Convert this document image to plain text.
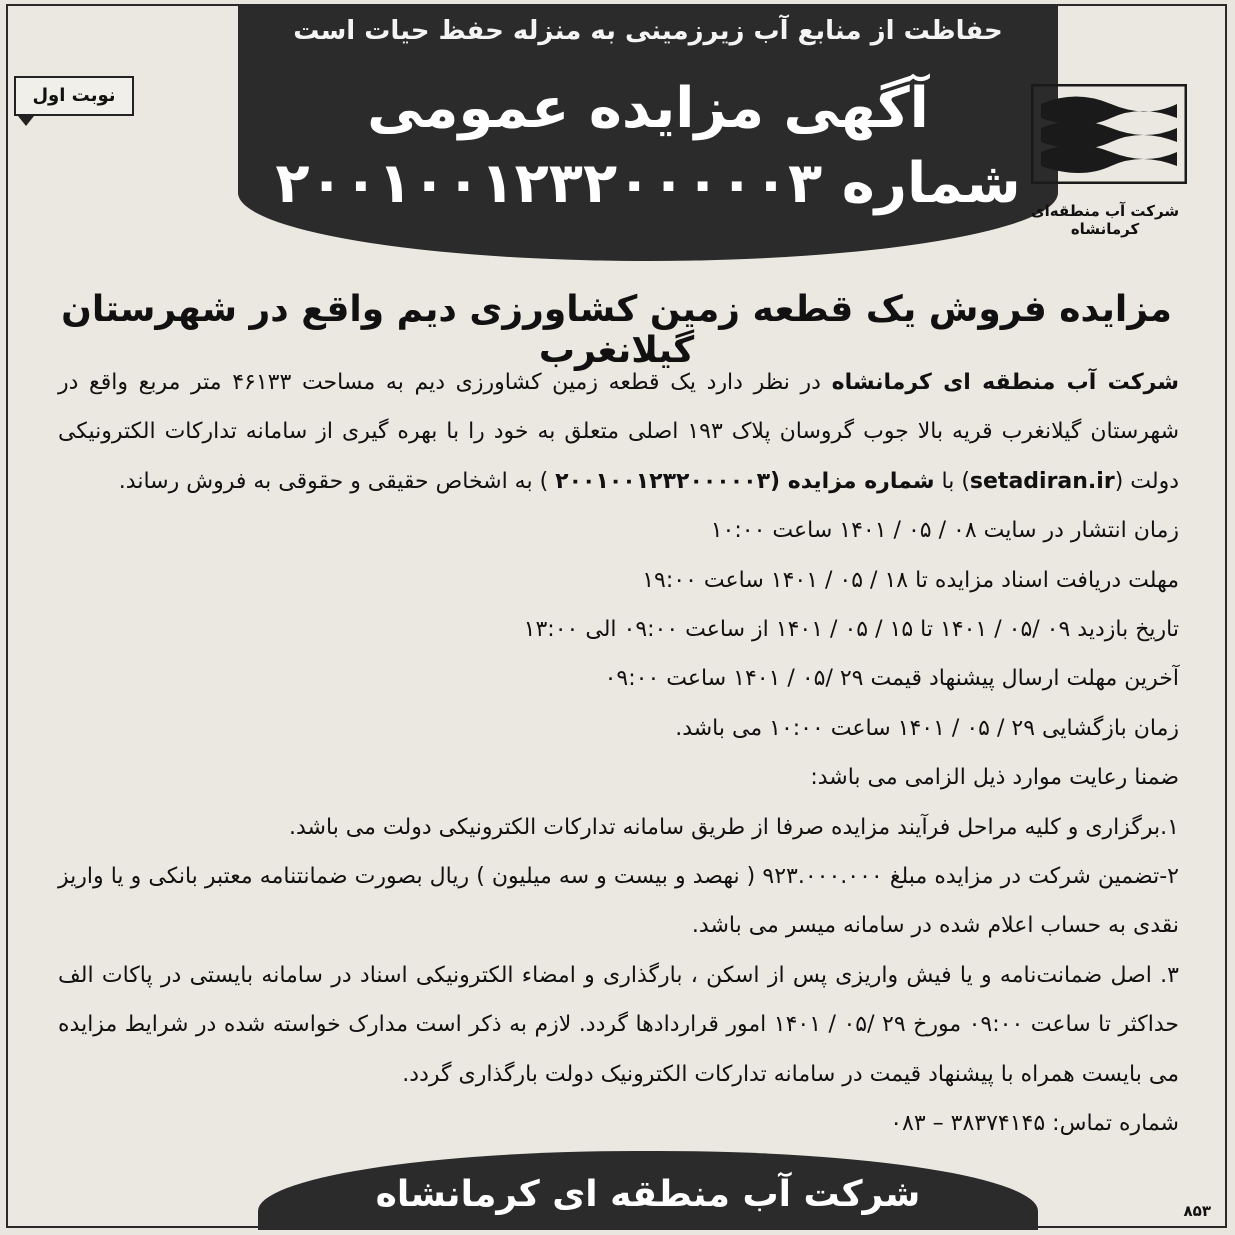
حفاظت از منابع آب زیرزمینی به منزله حفظ حیات است
آگهی مزایده عمومی
شماره ۲۰۰۱۰۰۱۲۳۲۰۰۰۰۰۳
نوبت اول
شرکت آب منطقه‌ای کرمانشاه
مزایده فروش یک قطعه زمین کشاورزی دیم واقع در شهرستان گیلانغرب

شرکت آب منطقه ای کرمانشاه در نظر دارد یک قطعه زمین کشاورزی دیم به مساحت ۴۶۱۳۳ متر مربع واقع در شهرستان گیلانغرب قریه بالا جوب گروسان پلاک ۱۹۳ اصلی متعلق به خود را با بهره گیری از سامانه تدارکات الکترونیکی دولت (setadiran.ir) با شماره مزایده (۲۰۰۱۰۰۱۲۳۲۰۰۰۰۰۳ ) به اشخاص حقیقی و حقوقی به فروش رساند.

زمان انتشار در سایت ۰۸ / ۰۵ / ۱۴۰۱ ساعت ۱۰:۰۰

مهلت دریافت اسناد مزایده تا ۱۸ / ۰۵ / ۱۴۰۱ ساعت ۱۹:۰۰

تاریخ بازدید ۰۹ /۰۵ / ۱۴۰۱ تا ۱۵ / ۰۵ / ۱۴۰۱ از ساعت ۰۹:۰۰ الی ۱۳:۰۰

آخرین مهلت ارسال پیشنهاد قیمت ۲۹ /۰۵ / ۱۴۰۱ ساعت ۰۹:۰۰

زمان بازگشایی ۲۹ / ۰۵ / ۱۴۰۱ ساعت ۱۰:۰۰ می باشد.

ضمنا رعایت موارد ذیل الزامی می باشد:

۱.برگزاری و کلیه مراحل فرآیند مزایده صرفا از طریق سامانه تدارکات الکترونیکی دولت می باشد.

۲-تضمین شرکت در مزایده مبلغ ۹۲۳.۰۰۰.۰۰۰ ( نهصد و بیست و سه میلیون ) ریال بصورت ضمانتنامه معتبر بانکی و یا واریز نقدی به حساب اعلام شده در سامانه میسر می باشد.

۳. اصل ضمانت‌نامه و یا فیش واریزی پس از اسکن ، بارگذاری و امضاء الکترونیکی اسناد در سامانه بایستی در پاکات الف حداکثر تا ساعت ۰۹:۰۰ مورخ ۲۹ /۰۵ / ۱۴۰۱ امور قراردادها گردد. لازم به ذکر است مدارک خواسته شده در شرایط مزایده می بایست همراه با پیشنهاد قیمت در سامانه تدارکات الکترونیک دولت بارگذاری گردد.

شماره تماس: ۳۸۳۷۴۱۴۵ – ۰۸۳

شرکت آب منطقه ای کرمانشاه	۸۵۳
